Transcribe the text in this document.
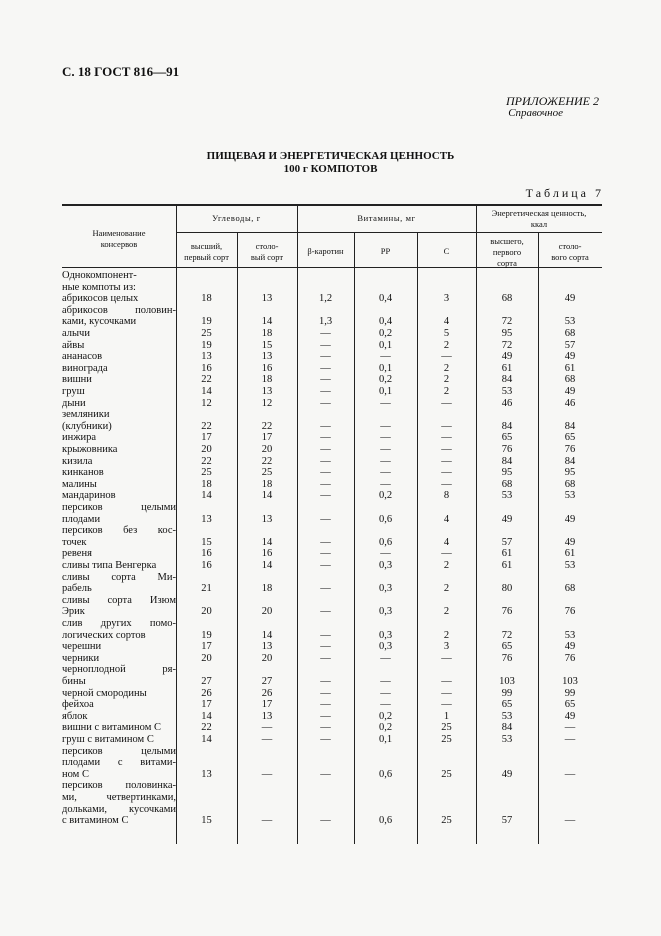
С. 18 ГОСТ 816—91
ПРИЛОЖЕНИЕ 2
Справочное
ПИЩЕВАЯ И ЭНЕРГЕТИЧЕСКАЯ ЦЕННОСТЬ
100 г КОМПОТОВ
Таблица 7
Наименование
консервов
Углеводы, г
высший,
первый сорт
столо-
вый сорт
Витамины, мг
β-каротин	PP	C
Энергетическая ценность,
ккал
высшего,
первого
сорта
столо-
вого сорта
Однокомпонент-
ные компоты из:
абрикосов целых	18	13	1,2	0,4	3	68	49
абрикосов половин-
ками, кусочками	19	14	1,3	0,4	4	72	53
алычи	25	18	—	0,2	5	95	68
айвы	19	15	—	0,1	2	72	57
ананасов	13	13	—	—	—	49	49
винограда	16	16	—	0,1	2	61	61
вишни	22	18	—	0,2	2	84	68
груш	14	13	—	0,1	2	53	49
дыни	12	12	—	—	—	46	46
земляники
(клубники)	22	22	—	—	—	84	84
инжира	17	17	—	—	—	65	65
крыжовника	20	20	—	—	—	76	76
кизила	22	22	—	—	—	84	84
кинканов	25	25	—	—	—	95	95
малины	18	18	—	—	—	68	68
мандаринов	14	14	—	0,2	8	53	53
персиков целыми
плодами	13	13	—	0,6	4	49	49
персиков без кос-
точек	15	14	—	0,6	4	57	49
ревеня	16	16	—	—	—	61	61
сливы типа Венгерка	16	14	—	0,3	2	61	53
сливы сорта Ми-
рабель	21	18	—	0,3	2	80	68
сливы сорта Изюм
Эрик	20	20	—	0,3	2	76	76
слив других помо-
логических сортов	19	14	—	0,3	2	72	53
черешни	17	13	—	0,3	3	65	49
черники	20	20	—	—	—	76	76
черноплодной ря-
бины	27	27	—	—	—	103	103
черной смородины	26	26	—	—	—	99	99
фейхоа	17	17	—	—	—	65	65
яблок	14	13	—	0,2	1	53	49
вишни с витамином С	22	—	—	0,2	25	84	—
груш с витамином С	14	—	—	0,1	25	53	—
персиков целыми
плодами с витами-
ном С	13	—	—	0,6	25	49	—
персиков половинка-
ми, четвертинками,
дольками, кусочками
с витамином С	15	—	—	0,6	25	57	—
